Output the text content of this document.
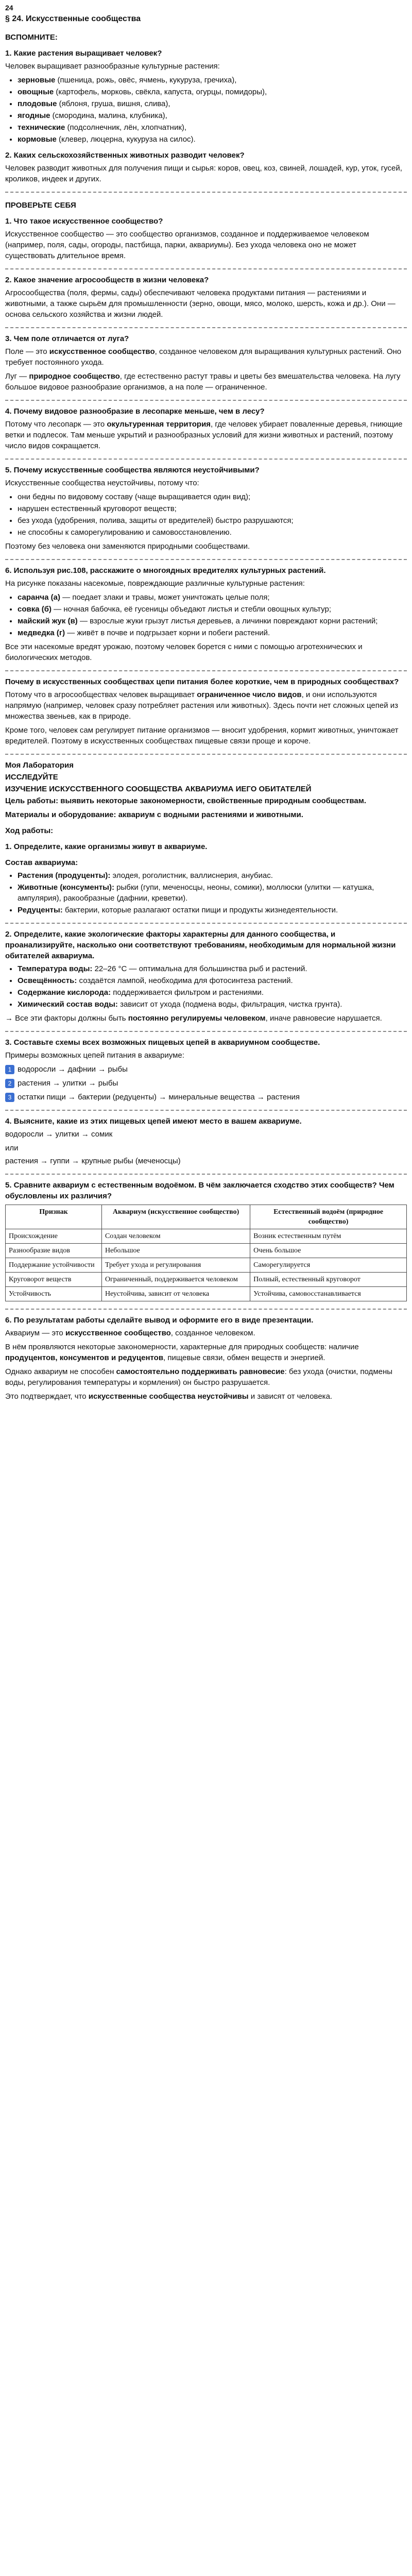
24
§ 24. Искусственные сообщества
ВСПОМНИТЕ:
1. Какие растения выращивает человек?

Человек выращивает разнообразные культурные растения:

• зерновые (пшеница, рожь, овёс, ячмень, кукуруза, гречиха),
• овощные (картофель, морковь, свёкла, капуста, огурцы, помидоры),
• плодовые (яблоня, груша, вишня, слива),
• ягодные (смородина, малина, клубника),
• технические (подсолнечник, лён, хлопчатник),
• кормовые (клевер, люцерна, кукуруза на силос).
2. Каких сельскохозяйственных животных разводит человек?

Человек разводит животных для получения пищи и сырья: коров, овец, коз, свиней, лошадей, кур, уток, гусей, кроликов, индеек и других.

ПРОВЕРЬТЕ СЕБЯ
1. Что такое искусственное сообщество?

Искусственное сообщество — это сообщество организмов, созданное и поддерживаемое человеком (например, поля, сады, огороды, пастбища, парки, аквариумы). Без ухода человека оно не может существовать длительное время.

2. Какое значение агросообществ в жизни человека?

Агросообщества (поля, фермы, сады) обеспечивают человека продуктами питания — растениями и животными, а также сырьём для промышленности (зерно, овощи, мясо, молоко, шерсть, кожа и др.). Они — основа сельского хозяйства и жизни людей.

3. Чем поле отличается от луга?

Поле — это искусственное сообщество, созданное человеком для выращивания культурных растений. Оно требует постоянного ухода.

Луг — природное сообщество, где естественно растут травы и цветы без вмешательства человека. На лугу большое видовое разнообразие организмов, а на поле — ограниченное.

4. Почему видовое разнообразие в лесопарке меньше, чем в лесу?

Потому что лесопарк — это окультуренная территория, где человек убирает поваленные деревья, гниющие ветки и подлесок. Там меньше укрытий и разнообразных условий для жизни животных и растений, поэтому число видов сокращается.

5. Почему искусственные сообщества являются неустойчивыми?

Искусственные сообщества неустойчивы, потому что:

• они бедны по видовому составу (чаще выращивается один вид);
• нарушен естественный круговорот веществ;
• без ухода (удобрения, полива, защиты от вредителей) быстро разрушаются;
• не способны к саморегулированию и самовосстановлению.

Поэтому без человека они заменяются природными сообществами.

6. Используя рис.108, расскажите о многоядных вредителях культурных растений.

На рисунке показаны насекомые, повреждающие различные культурные растения:

• саранча (а) — поедает злаки и травы, может уничтожать целые поля;
• совка (б) — ночная бабочка, её гусеницы объедают листья и стебли овощных культур;
• майский жук (в) — взрослые жуки грызут листья деревьев, а личинки повреждают корни растений;
• медведка (г) — живёт в почве и подгрызает корни и побеги растений.

Все эти насекомые вредят урожаю, поэтому человек борется с ними с помощью агротехнических и биологических методов.

Почему в искусственных сообществах цепи питания более короткие, чем в природных сообществах?

Потому что в агросообществах человек выращивает ограниченное число видов, и они используются напрямую (например, человек сразу потребляет растения или животных). Здесь почти нет сложных цепей из множества звеньев, как в природе.

Кроме того, человек сам регулирует питание организмов — вносит удобрения, кормит животных, уничтожает вредителей. Поэтому в искусственных сообществах пищевые связи проще и короче.

Моя Лаборатория
ИССЛЕДУЙТЕ
ИЗУЧЕНИЕ ИСКУССТВЕННОГО СООБЩЕСТВА АКВАРИУМА ИЕГО ОБИТАТЕЛЕЙ

Цель работы: выявить некоторые закономерности, свойственные природным сообществам.

Материалы и оборудование: аквариум с водными растениями и животными.

Ход работы:
1. Определите, какие организмы живут в аквариуме.
Состав аквариума:
• Растения (продуценты): элодея, роголистник, валлиснерия, анубиас.
• Животные (консументы): рыбки (гупи, меченосцы, неоны, сомики), моллюски (улитки — катушка, ампулярия), ракообразные (дафнии, креветки).
• Редуценты: бактерии, которые разлагают остатки пищи и продукты жизнедеятельности.
2. Определите, какие экологические факторы характерны для данного сообщества, и проанализируйте, насколько они соответствуют требованиям, необходимым для нормальной жизни обитателей аквариума.
• Температура воды: 22–26 °С — оптимальна для большинства рыб и растений.
• Освещённость: создаётся лампой, необходима для фотосинтеза растений.
• Содержание кислорода: поддерживается фильтром и растениями.
• Химический состав воды: зависит от ухода (подмена воды, фильтрация, чистка грунта).

→ Все эти факторы должны быть постоянно регулируемы человеком, иначе равновесие нарушается.

3. Составьте схемы всех возможных пищевых цепей в аквариумном сообществе.

Примеры возможных цепей питания в аквариуме:

1 водоросли → дафнии → рыбы
2 растения → улитки → рыбы
3 остатки пищи → бактерии (редуценты) → минеральные вещества → растения
4. Выясните, какие из этих пищевых цепей имеют место в вашем аквариуме.

водоросли → улитки → сомик

или

растения → гуппи → крупные рыбы (меченосцы)

5. Сравните аквариум с естественным водоёмом. В чём заключается сходство этих сообществ? Чем обусловлены их различия?
Признак	Аквариум (искусственное сообщество)	Естественный водоём (природное сообщество)
Происхождение	Создан человеком	Возник естественным путём
Разнообразие видов	Небольшое	Очень большое
Поддержание устойчивости	Требует ухода и регулирования	Саморегулируется
Круговорот веществ	Ограниченный, поддерживается человеком	Полный, естественный круговорот
Устойчивость	Неустойчива, зависит от человека	Устойчива, самовосстанавливается
6. По результатам работы сделайте вывод и оформите его в виде презентации.

Аквариум — это искусственное сообщество, созданное человеком.

В нём проявляются некоторые закономерности, характерные для природных сообществ: наличие продуцентов, консументов и редуцентов, пищевые связи, обмен веществ и энергией.

Однако аквариум не способен самостоятельно поддерживать равновесие: без ухода (очистки, подмены воды, регулирования температуры и кормления) он быстро разрушается.

Это подтверждает, что искусственные сообщества неустойчивы и зависят от человека.
